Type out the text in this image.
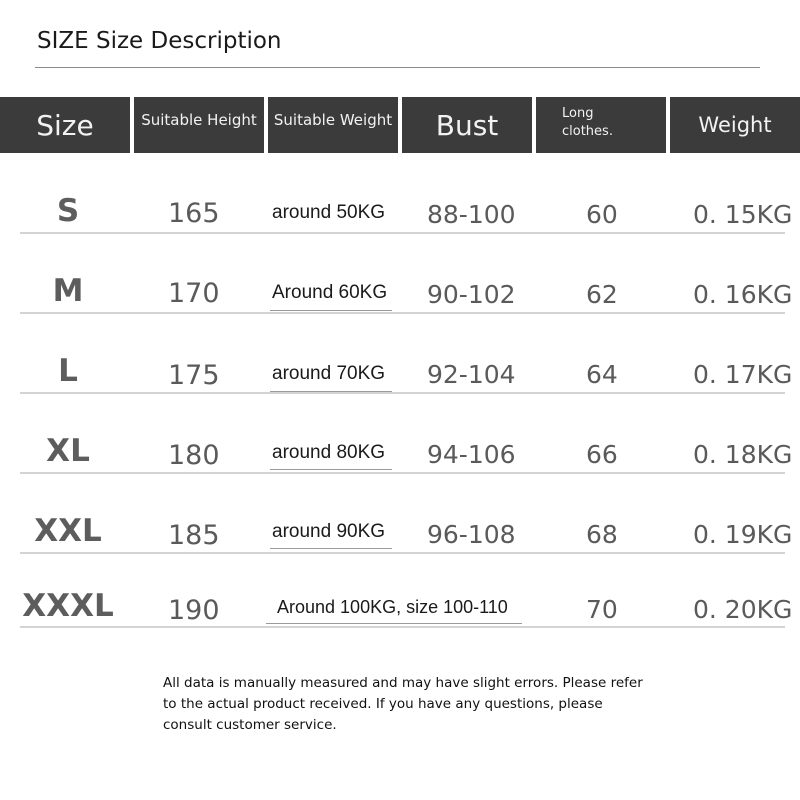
SIZE Size Description
Size	Suitable Height	Suitable Weight	Bust	Long clothes.	Weight
S	165	around 50KG 88-100	60	0. 15KG
M	170	Around 60KG 90-102	62	0. 16KG
L	175	around 70KG 92-104	64	0. 17KG
XL	180	around 80KG 94-106	66	0. 18KG
XXL	185	around 90KG 96-108	68	0. 19KG
XXXL	190	Around 100KG, size 100-110	70	0. 20KG
All data is manually measured and may have slight errors. Please refer to the actual product received. If you have any questions, please consult customer service.
